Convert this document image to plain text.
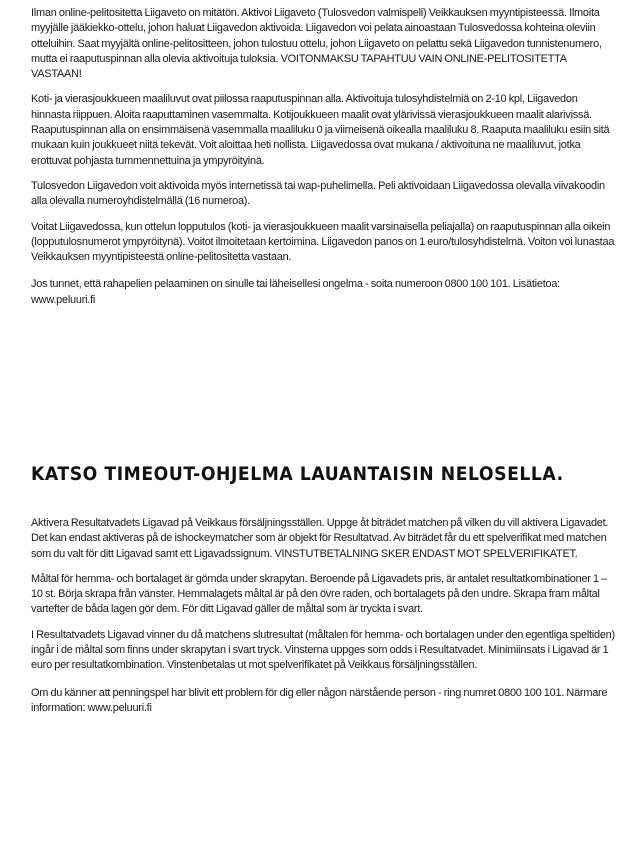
Ilman online-pelitositetta Liigaveto on mitätön. Aktivoi Liigaveto (Tulosvedon valmispeli) Veikkauksen myyntipisteessä. Ilmoita myyjälle jääkiekko-ottelu, johon haluat Liigavedon aktivoida. Liigavedon voi pelata ainoastaan Tulosvedossa kohteina oleviin otteluihin. Saat myyjältä online-pelitositteen, johon tulostuu ottelu, johon Liigaveto on pelattu sekä Liigavedon tunnistenumero, mutta ei raaputuspinnan alla olevia aktivoituja tuloksia. VOITONMAKSU TAPAHTUU VAIN ONLINE-PELITOSITETTA VASTAAN!

Koti- ja vierasjoukkueen maaliluvut ovat piilossa raaputuspinnan alla. Aktivoituja tulosyhdistelmiä on 2-10 kpl, Liigavedon hinnasta riippuen. Aloita raaputtaminen vasemmalta. Kotijoukkueen maalit ovat ylärivissä vierasjoukkueen maalit alarivissä. Raaputuspinnan alla on ensimmäisenä vasemmalla maaliluku 0 ja viimeisenä oikealla maaliluku 8. Raaputa maaliluku esiin sitä mukaan kuin joukkueet niitä tekevät. Voit aloittaa heti nollista. Liigavedossa ovat mukana / aktivoituna ne maaliluvut, jotka erottuvat pohjasta tummennettuina ja ympyröityinä.

Tulosvedon Liigavedon voit aktivoida myös internetissä tai wap-puhelimella. Peli aktivoidaan Liigavedossa olevalla viivakoodin alla olevalla numeroyhdistelmällä (16 numeroa).

Voitat Liigavedossa, kun ottelun lopputulos (koti- ja vierasjoukkueen maalit varsinaisella peliajalla) on raaputuspinnan alla oikein (lopputulosnumerot ympyröitynä). Voitot ilmoitetaan kertoimina. Liigavedon panos on 1 euro/tulosyhdistelmä. Voiton voi lunastaa Veikkauksen myyntipisteestä online-pelitositetta vastaan.

Jos tunnet, että rahapelien pelaaminen on sinulle tai läheisellesi ongelma - soita numeroon 0800 100 101. Lisätietoa: www.peluuri.fi

KATSO TIMEOUT-OHJELMA LAUANTAISIN NELOSELLA.

Aktivera Resultatvadets Ligavad på Veikkaus försäljningsställen. Uppge åt biträdet matchen på vilken du vill aktivera Ligavadet. Det kan endast aktiveras på de ishockeymatcher som är objekt för Resultatvad. Av biträdet får du ett spelverifikat med matchen som du valt för ditt Ligavad samt ett Ligavadssignum. VINSTUTBETALNING SKER ENDAST MOT SPELVERIFIKATET.

Måltal för hemma- och bortalaget är gömda under skrapytan. Beroende på Ligavadets pris, är antalet resultatkombinationer 1 – 10 st. Börja skrapa från vänster. Hemmalagets måltal är på den övre raden, och bortalagets på den undre. Skrapa fram måltal vartefter de båda lagen gör dem. För ditt Ligavad gäller de måltal som är tryckta i svart.

I Resultatvadets Ligavad vinner du då matchens slutresultat (måltalen för hemma- och bortalagen under den egentliga speltiden) ingår i de måltal som finns under skrapytan i svart tryck. Vinsterna uppges som odds i Resultatvadet. Minimiinsats i Ligavad är 1 euro per resultatkombination. Vinstenbetalas ut mot spelverifikatet på Veikkaus försäljningsställen.

Om du känner att penningspel har blivit ett problem för dig eller någon närstående person - ring numret 0800 100 101. Närmare information: www.peluuri.fi
